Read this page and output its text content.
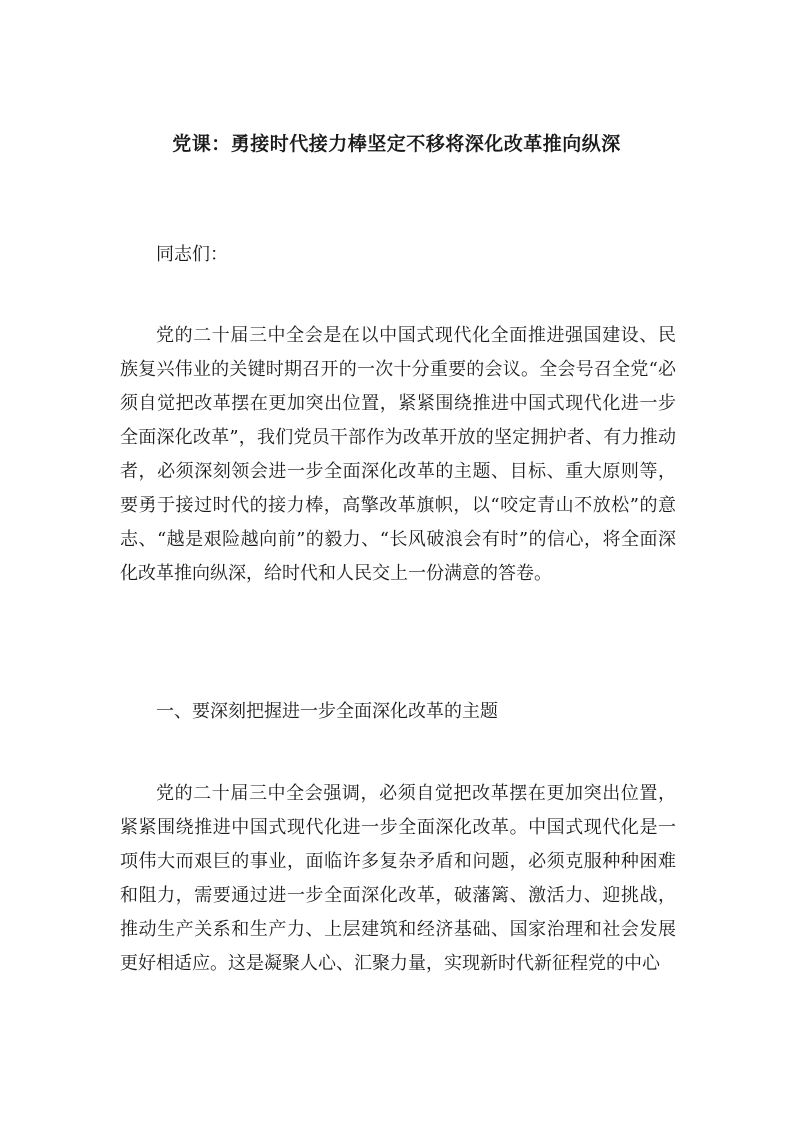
党课：勇接时代接力棒坚定不移将深化改革推向纵深

同志们：

党的二十届三中全会是在以中国式现代化全面推进强国建设、民族复兴伟业的关键时期召开的一次十分重要的会议。全会号召全党“必须自觉把改革摆在更加突出位置，紧紧围绕推进中国式现代化进一步全面深化改革”，我们党员干部作为改革开放的坚定拥护者、有力推动者，必须深刻领会进一步全面深化改革的主题、目标、重大原则等，要勇于接过时代的接力棒，高擎改革旗帜，以“咬定青山不放松”的意志、“越是艰险越向前”的毅力、“长风破浪会有时”的信心，将全面深化改革推向纵深，给时代和人民交上一份满意的答卷。

一、要深刻把握进一步全面深化改革的主题

党的二十届三中全会强调，必须自觉把改革摆在更加突出位置，紧紧围绕推进中国式现代化进一步全面深化改革。中国式现代化是一项伟大而艰巨的事业，面临许多复杂矛盾和问题，必须克服种种困难和阻力，需要通过进一步全面深化改革，破藩篱、激活力、迎挑战，推动生产关系和生产力、上层建筑和经济基础、国家治理和社会发展更好相适应。这是凝聚人心、汇聚力量，实现新时代新征程党的中心
